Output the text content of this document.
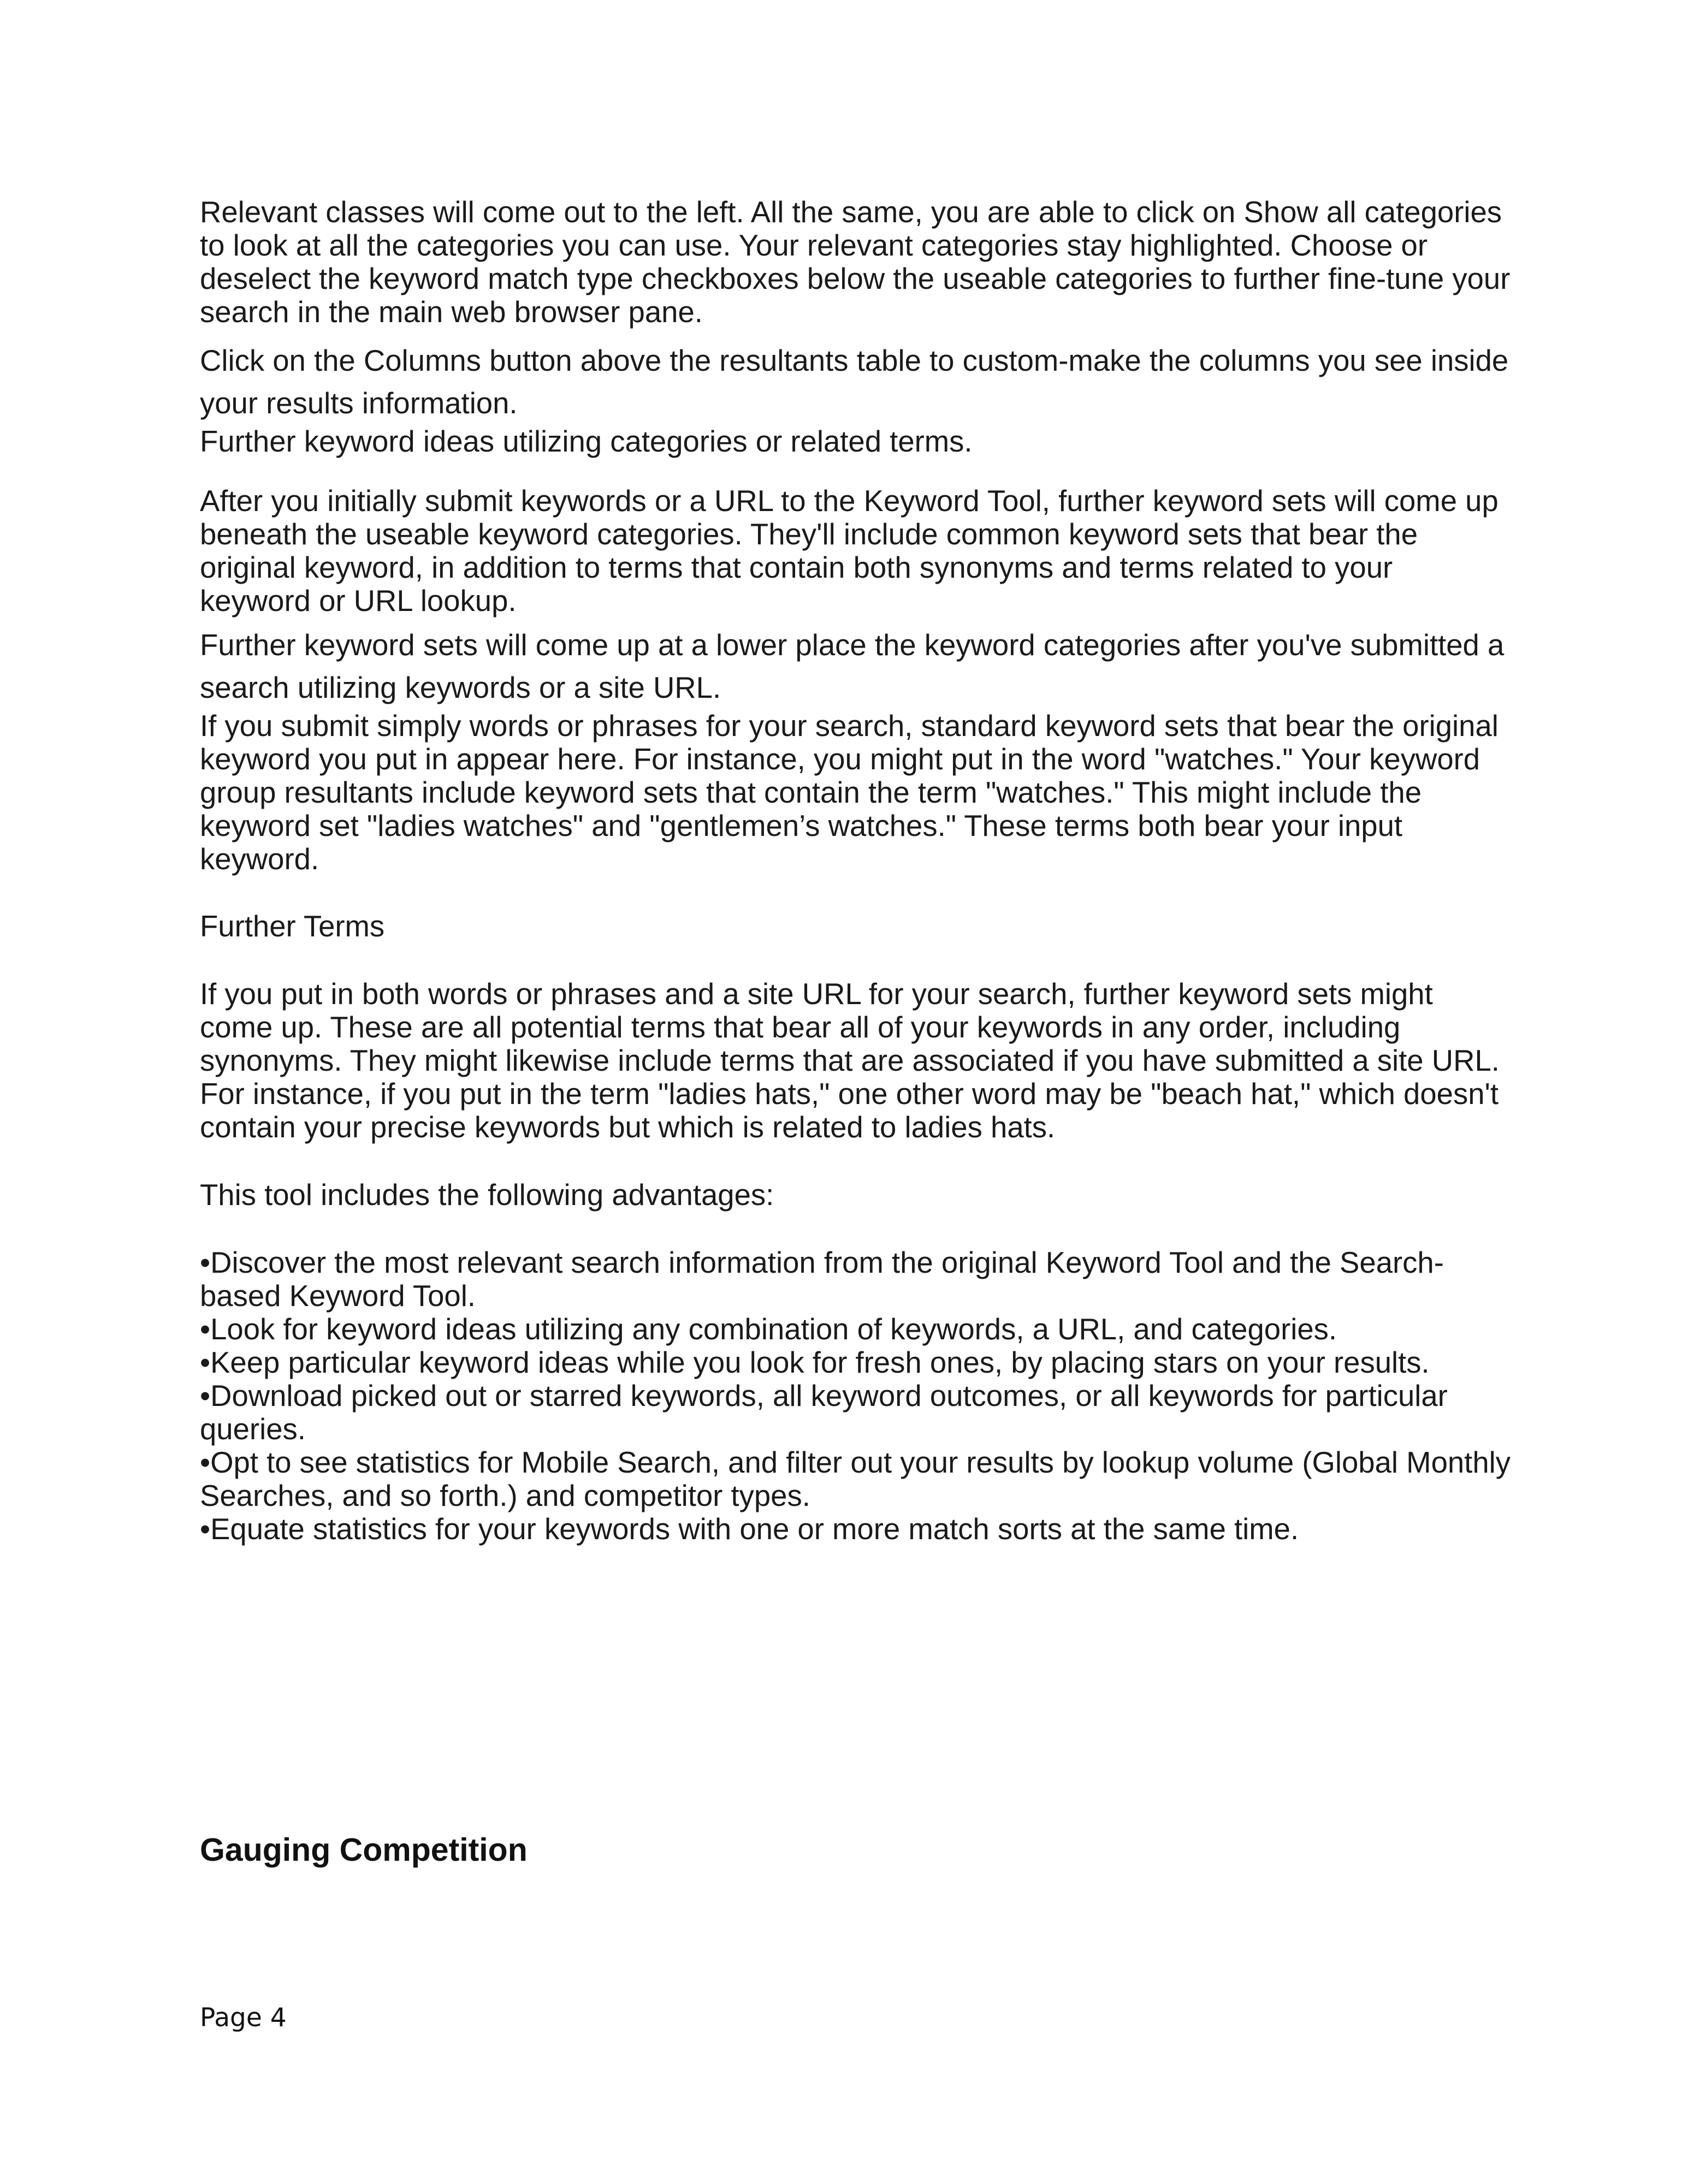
Relevant classes will come out to the left. All the same, you are able to click on Show all categories to look at all the categories you can use. Your relevant categories stay highlighted. Choose or deselect the keyword match type checkboxes below the useable categories to further fine-tune your search in the main web browser pane.

Click on the Columns button above the resultants table to custom-make the columns you see inside your results information.

Further keyword ideas utilizing categories or related terms.

After you initially submit keywords or a URL to the Keyword Tool, further keyword sets will come up beneath the useable keyword categories. They'll include common keyword sets that bear the original keyword, in addition to terms that contain both synonyms and terms related to your keyword or URL lookup.

Further keyword sets will come up at a lower place the keyword categories after you've submitted a search utilizing keywords or a site URL.

If you submit simply words or phrases for your search, standard keyword sets that bear the original keyword you put in appear here. For instance, you might put in the word "watches." Your keyword group resultants include keyword sets that contain the term "watches." This might include the keyword set "ladies watches" and "gentlemen’s watches." These terms both bear your input keyword.

Further Terms

If you put in both words or phrases and a site URL for your search, further keyword sets might come up. These are all potential terms that bear all of your keywords in any order, including synonyms. They might likewise include terms that are associated if you have submitted a site URL. For instance, if you put in the term "ladies hats," one other word may be "beach hat," which doesn't contain your precise keywords but which is related to ladies hats.

This tool includes the following advantages:

•Discover the most relevant search information from the original Keyword Tool and the Search-based Keyword Tool.

•Look for keyword ideas utilizing any combination of keywords, a URL, and categories.

•Keep particular keyword ideas while you look for fresh ones, by placing stars on your results.

•Download picked out or starred keywords, all keyword outcomes, or all keywords for particular queries.

•Opt to see statistics for Mobile Search, and filter out your results by lookup volume (Global Monthly Searches, and so forth.) and competitor types.

•Equate statistics for your keywords with one or more match sorts at the same time.

Gauging Competition
Page 4
